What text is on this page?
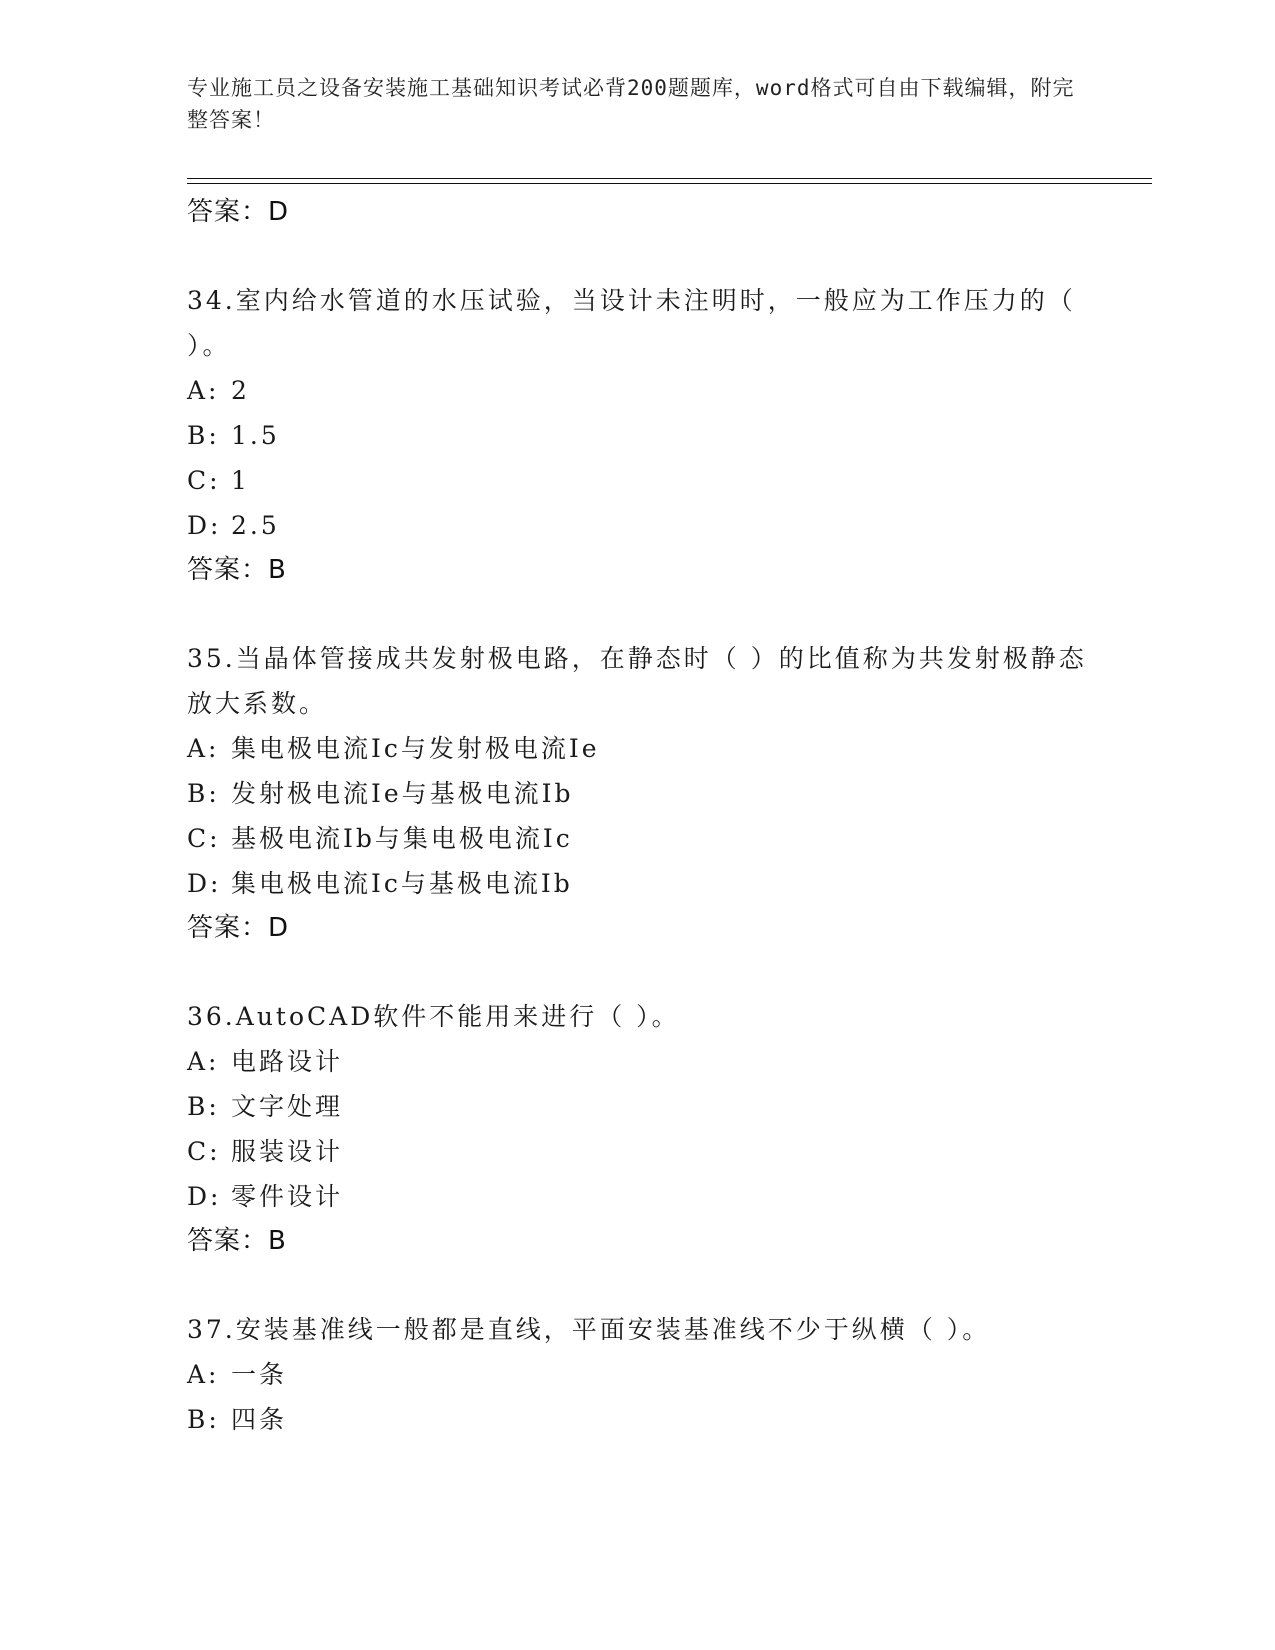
专业施工员之设备安装施工基础知识考试必背200题题库，word格式可自由下载编辑，附完整答案！
答案：D
34.室内给水管道的水压试验，当设计未注明时，一般应为工作压力的（ ）。
A: 2
B: 1.5
C: 1
D: 2.5
答案：B
35.当晶体管接成共发射极电路，在静态时（ ）的比值称为共发射极静态放大系数。
A: 集电极电流Ic与发射极电流Ie
B: 发射极电流Ie与基极电流Ib
C: 基极电流Ib与集电极电流Ic
D: 集电极电流Ic与基极电流Ib
答案：D
36.AutoCAD软件不能用来进行（ ）。
A: 电路设计
B: 文字处理
C: 服装设计
D: 零件设计
答案：B
37.安装基准线一般都是直线，平面安装基准线不少于纵横（ ）。
A: 一条
B: 四条
